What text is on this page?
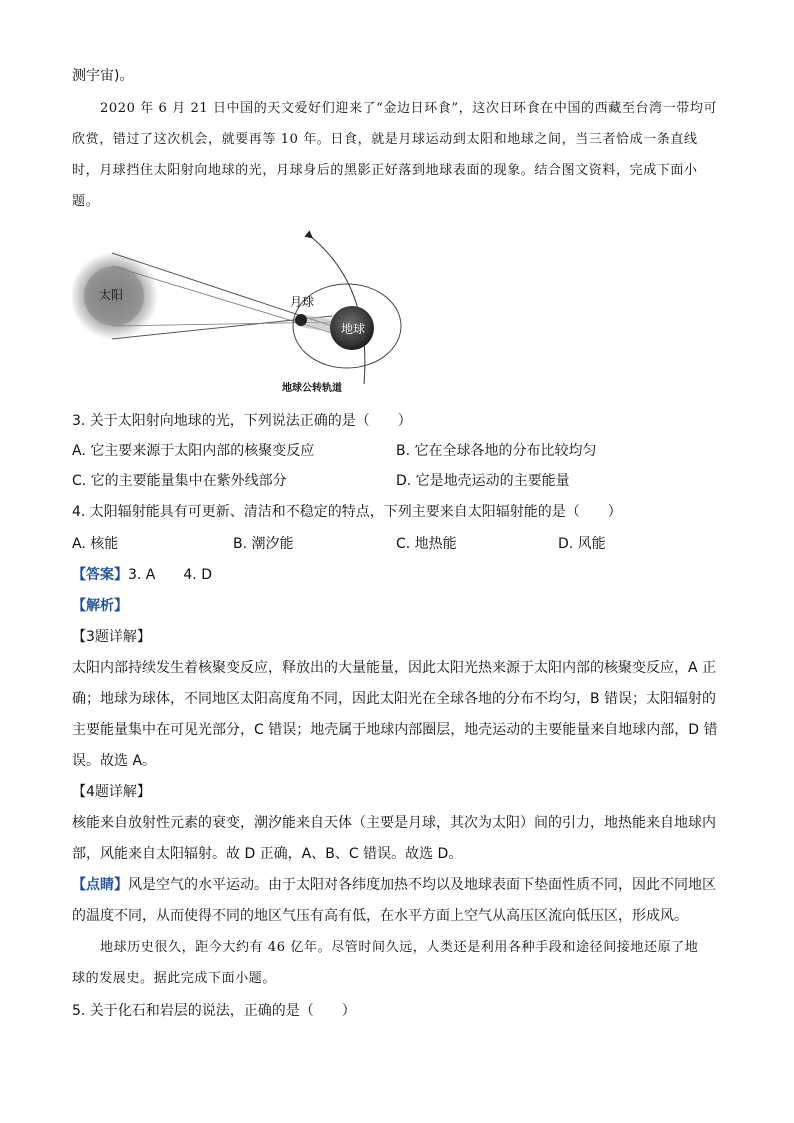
测宇宙)。
2020 年 6 月 21 日中国的天文爱好们迎来了“金边日环食”，这次日环食在中国的西藏至台湾一带均可
欣赏，错过了这次机会，就要再等 10 年。日食，就是月球运动到太阳和地球之间，当三者恰成一条直线
时，月球挡住太阳射向地球的光，月球身后的黑影正好落到地球表面的现象。结合图文资料，完成下面小
题。
太阳	月球
地球
地球公转轨道
3. 关于太阳射向地球的光，下列说法正确的是（　　）
A. 它主要来源于太阳内部的核聚变反应	B. 它在全球各地的分布比较均匀
C. 它的主要能量集中在紫外线部分	D. 它是地壳运动的主要能量
4. 太阳辐射能具有可更新、清洁和不稳定的特点，下列主要来自太阳辐射能的是（　　）
A. 核能	B. 潮汐能	C. 地热能	D. 风能
【答案】3. A　　4. D
【解析】
【3题详解】
太阳内部持续发生着核聚变反应，释放出的大量能量，因此太阳光热来源于太阳内部的核聚变反应，A 正
确；地球为球体，不同地区太阳高度角不同，因此太阳光在全球各地的分布不均匀，B 错误；太阳辐射的
主要能量集中在可见光部分，C 错误；地壳属于地球内部圈层，地壳运动的主要能量来自地球内部，D 错
误。故选 A。
【4题详解】
核能来自放射性元素的衰变，潮汐能来自天体（主要是月球，其次为太阳）间的引力，地热能来自地球内
部，风能来自太阳辐射。故 D 正确，A、B、C 错误。故选 D。
【点睛】风是空气的水平运动。由于太阳对各纬度加热不均以及地球表面下垫面性质不同，因此不同地区
的温度不同，从而使得不同的地区气压有高有低，在水平方面上空气从高压区流向低压区，形成风。
地球历史很久，距今大约有 46 亿年。尽管时间久远，人类还是利用各种手段和途径间接地还原了地
球的发展史。据此完成下面小题。
5. 关于化石和岩层的说法，正确的是（　　）
